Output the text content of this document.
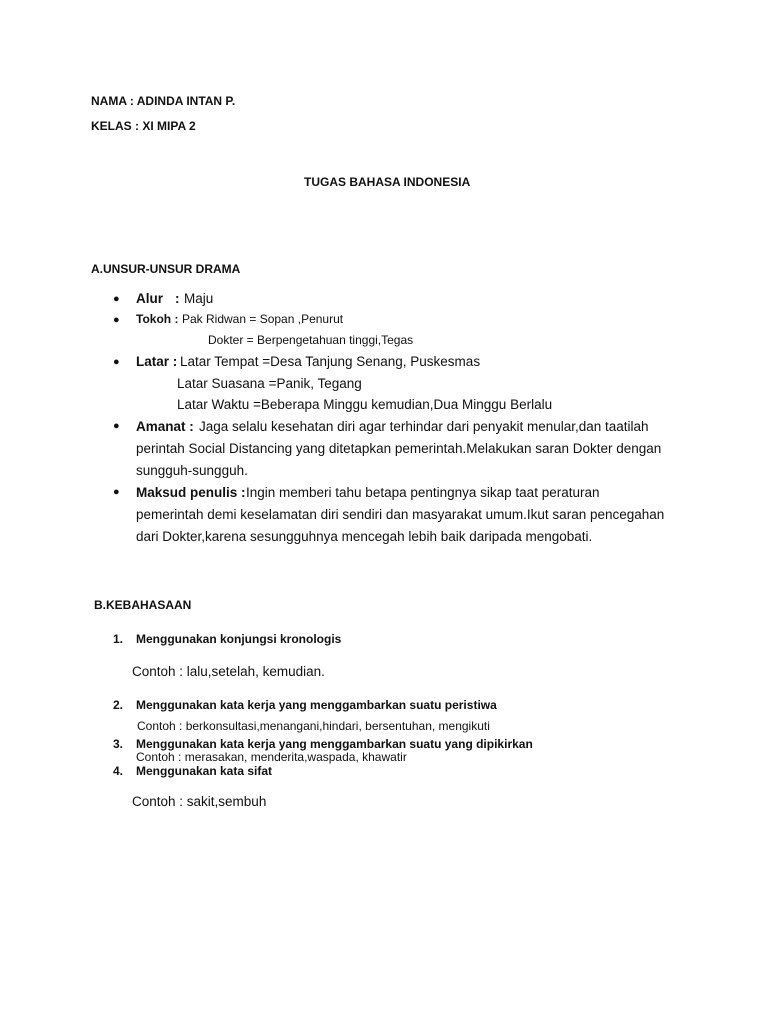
NAMA : ADINDA INTAN P.
KELAS : XI MIPA 2
TUGAS BAHASA INDONESIA
A.UNSUR-UNSUR DRAMA
● Alur : Maju
● Tokoh : Pak Ridwan = Sopan ,Penurut
Dokter = Berpengetahuan tinggi,Tegas
● Latar : Latar Tempat =Desa Tanjung Senang, Puskesmas
Latar Suasana =Panik, Tegang
Latar Waktu =Beberapa Minggu kemudian,Dua Minggu Berlalu
● Amanat : Jaga selalu kesehatan diri agar terhindar dari penyakit menular,dan taatilah
perintah Social Distancing yang ditetapkan pemerintah.Melakukan saran Dokter dengan
sungguh-sungguh.
● Maksud penulis : Ingin memberi tahu betapa pentingnya sikap taat peraturan
pemerintah demi keselamatan diri sendiri dan masyarakat umum.Ikut saran pencegahan
dari Dokter,karena sesungguhnya mencegah lebih baik daripada mengobati.
B.KEBAHASAAN
1. Menggunakan konjungsi kronologis
Contoh : lalu,setelah, kemudian.
2. Menggunakan kata kerja yang menggambarkan suatu peristiwa
Contoh : berkonsultasi,menangani,hindari, bersentuhan, mengikuti
3. Menggunakan kata kerja yang menggambarkan suatu yang dipikirkan
Contoh : merasakan, menderita,waspada, khawatir
4. Menggunakan kata sifat
Contoh : sakit,sembuh
